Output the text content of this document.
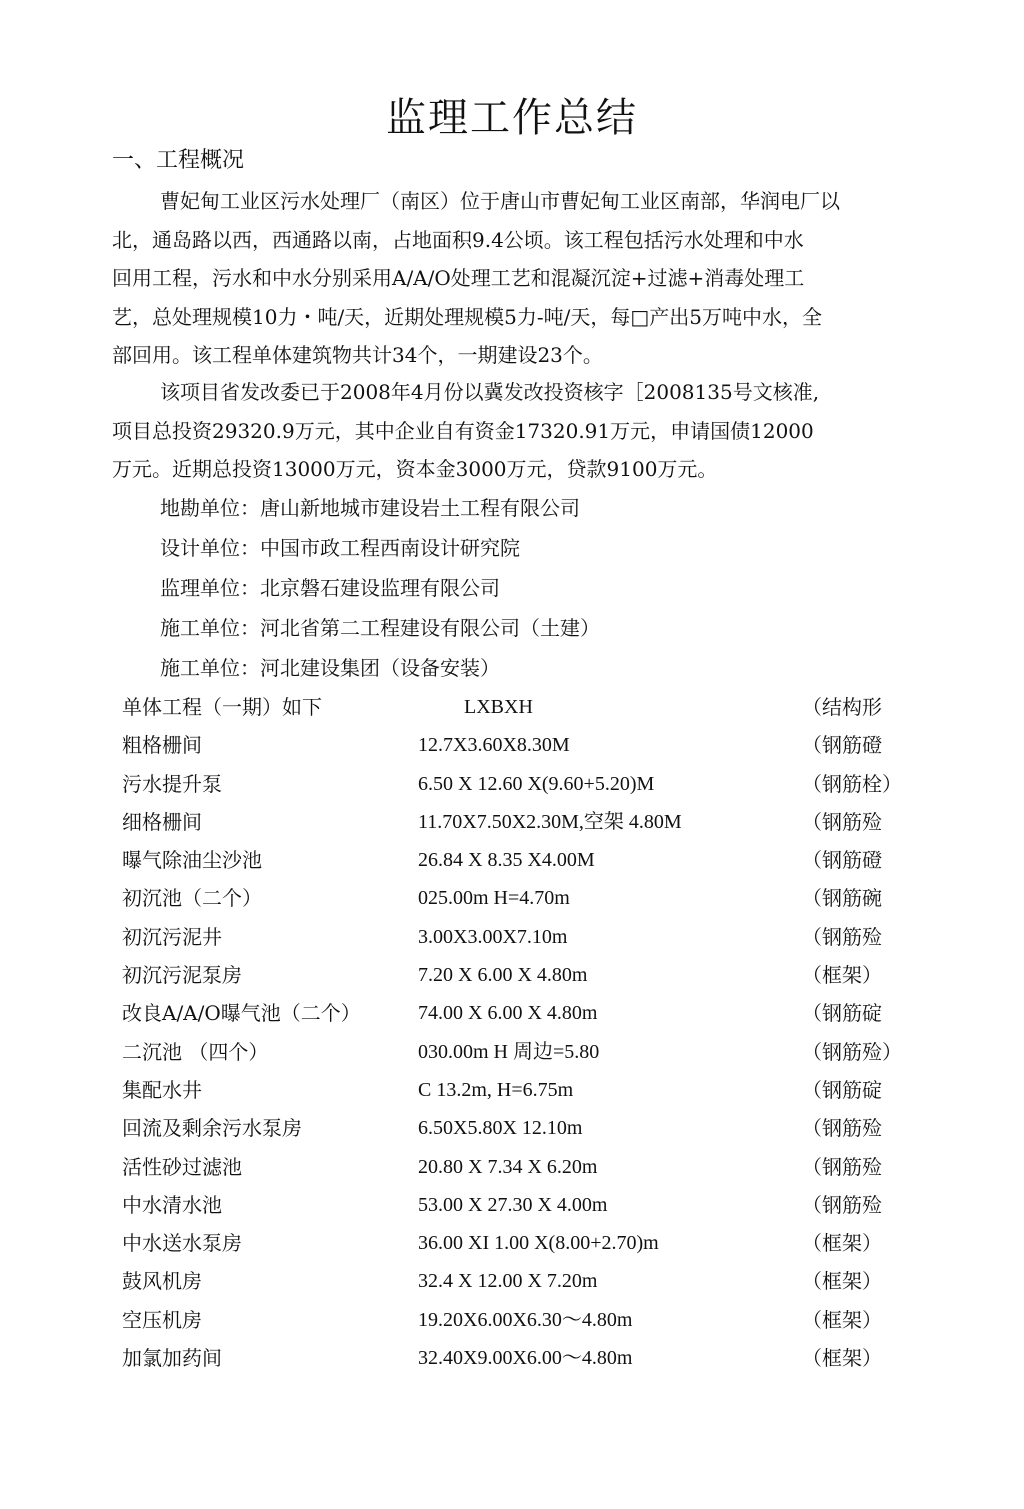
监理工作总结
一、工程概况
曹妃甸工业区污水处理厂（南区）位于唐山市曹妃甸工业区南部，华润电厂以
北，通岛路以西，西通路以南，占地面积9.4公顷。该工程包括污水处理和中水
回用工程，污水和中水分别采用A/A/O处理工艺和混凝沉淀+过滤+消毒处理工
艺，总处理规模10力・吨/天，近期处理规模5力-吨/天，每□产出5万吨中水，全
部回用。该工程单体建筑物共计34个，一期建设23个。
该项目省发改委已于2008年4月份以冀发改投资核字［2008135号文核准,
项目总投资29320.9万元，其中企业自有资金17320.91万元，申请国债12000
万元。近期总投资13000万元，资本金3000万元，贷款9100万元。
地勘单位：唐山新地城市建设岩土工程有限公司
设计单位：中国市政工程西南设计研究院
监理单位：北京磐石建设监理有限公司
施工单位：河北省第二工程建设有限公司（土建）
施工单位：河北建设集团（设备安装）
单体工程（一期）如下	LXBXH	（结构形
粗格栅间	12.7X3.60X8.30M	（钢筋磴
污水提升泵	6.50 X 12.60 X(9.60+5.20)M	（钢筋栓）
细格栅间	11.70X7.50X2.30M,空架 4.80M	（钢筋殓
曝气除油尘沙池	26.84 X 8.35 X4.00M	（钢筋磴
初沉池（二个）	025.00m H=4.70m	（钢筋碗
初沉污泥井	3.00X3.00X7.10m	（钢筋殓
初沉污泥泵房	7.20 X 6.00 X 4.80m	（框架）
改良A/A/O曝气池（二个）	74.00 X 6.00 X 4.80m	（钢筋碇
二沉池 （四个）	030.00m H 周边=5.80	（钢筋殓）
集配水井	C 13.2m, H=6.75m	（钢筋碇
回流及剩余污水泵房	6.50X5.80X 12.10m	（钢筋殓
活性砂过滤池	20.80 X 7.34 X 6.20m	（钢筋殓
中水清水池	53.00 X 27.30 X 4.00m	（钢筋殓
中水送水泵房	36.00 XI 1.00 X(8.00+2.70)m	（框架）
鼓风机房	32.4 X 12.00 X 7.20m	（框架）
空压机房	19.20X6.00X6.30～4.80m	（框架）
加氯加药间	32.40X9.00X6.00～4.80m	（框架）
